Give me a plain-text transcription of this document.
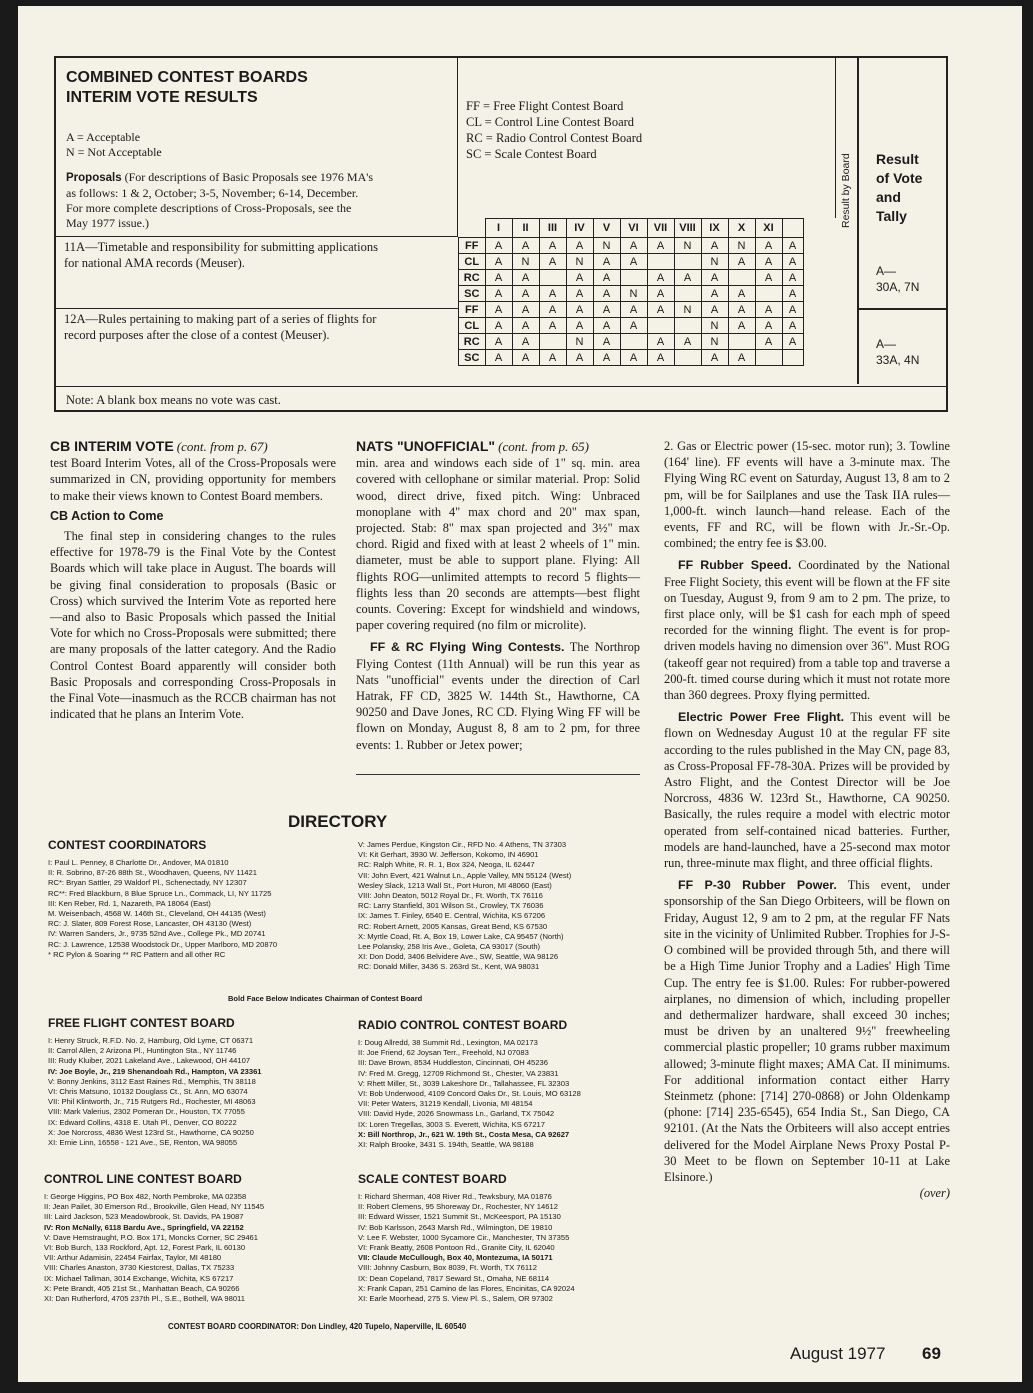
COMBINED CONTEST BOARDS
INTERIM VOTE RESULTS
A = Acceptable
N = Not Acceptable
Proposals (For descriptions of Basic Proposals see 1976 MA's
as follows: 1 & 2, October; 3-5, November; 6-14, December.
For more complete descriptions of Cross-Proposals, see the
May 1977 issue.)
FF = Free Flight Contest Board
CL = Control Line Contest Board
RC = Radio Control Contest Board
SC = Scale Contest Board	Result by Board Result
of Vote
and
Tally
	I	II	III	IV	V	VI	VII	VIII	IX	X	XI	
FF	A	A	A	A	N	A	A	N	A	N	A	A
CL	A	N	A	N	A	A			N	A	A	A
RC	A	A		A	A		A	A	A		A	A
SC	A	A	A	A	A	N	A		A	A		A
FF	A	A	A	A	A	A	A	N	A	A	A	A
CL	A	A	A	A	A	A			N	A	A	A
RC	A	A		N	A		A	A	N		A	A
SC	A	A	A	A	A	A	A		A	A		
11A—Timetable and responsibility for submitting applications
for national AMA records (Meuser).
12A—Rules pertaining to making part of a series of flights for
record purposes after the close of a contest (Meuser).
A—
30A, 7N
A—
33A, 4N
Note: A blank box means no vote was cast.
CB INTERIM VOTE (cont. from p. 67)

test Board Interim Votes, all of the Cross-Proposals were summarized in CN, providing opportunity for members to make their views known to Contest Board members.

CB Action to Come

The final step in considering changes to the rules effective for 1978-79 is the Final Vote by the Contest Boards which will take place in August. The boards will be giving final consideration to proposals (Basic or Cross) which survived the Interim Vote as reported here—and also to Basic Proposals which passed the Initial Vote for which no Cross-Proposals were submitted; there are many proposals of the latter category. And the Radio Control Contest Board apparently will consider both Basic Proposals and corresponding Cross-Proposals in the Final Vote—inasmuch as the RCCB chairman has not indicated that he plans an Interim Vote.

NATS "UNOFFICIAL" (cont. from p. 65)

min. area and windows each side of 1" sq. min. area covered with cellophane or similar material. Prop: Solid wood, direct drive, fixed pitch. Wing: Unbraced monoplane with 4" max chord and 20" max span, projected. Stab: 8" max span projected and 3½" max chord. Rigid and fixed with at least 2 wheels of 1" min. diameter, must be able to support plane. Flying: All flights ROG—unlimited attempts to record 5 flights—flights less than 20 seconds are attempts—best flight counts. Covering: Except for windshield and windows, paper covering required (no film or microlite).

FF & RC Flying Wing Contests. The Northrop Flying Contest (11th Annual) will be run this year as Nats "unofficial" events under the direction of Carl Hatrak, FF CD, 3825 W. 144th St., Hawthorne, CA 90250 and Dave Jones, RC CD. Flying Wing FF will be flown on Monday, August 8, 8 am to 2 pm, for three events: 1. Rubber or Jetex power;

2. Gas or Electric power (15-sec. motor run); 3. Towline (164' line). FF events will have a 3-minute max. The Flying Wing RC event on Saturday, August 13, 8 am to 2 pm, will be for Sailplanes and use the Task IIA rules—1,000-ft. winch launch—hand release. Each of the events, FF and RC, will be flown with Jr.-Sr.-Op. combined; the entry fee is $3.00.

FF Rubber Speed. Coordinated by the National Free Flight Society, this event will be flown at the FF site on Tuesday, August 9, from 9 am to 2 pm. The prize, to first place only, will be $1 cash for each mph of speed recorded for the winning flight. The event is for prop-driven models having no dimension over 36". Must ROG (takeoff gear not required) from a table top and traverse a 200-ft. timed course during which it must not rotate more than 360 degrees. Proxy flying permitted.

Electric Power Free Flight. This event will be flown on Wednesday August 10 at the regular FF site according to the rules published in the May CN, page 83, as Cross-Proposal FF-78-30A. Prizes will be provided by Astro Flight, and the Contest Director will be Joe Norcross, 4836 W. 123rd St., Hawthorne, CA 90250. Basically, the rules require a model with electric motor operated from self-contained nicad batteries. Further, models are hand-launched, have a 25-second max motor run, three-minute max flight, and three official flights.

FF P-30 Rubber Power. This event, under sponsorship of the San Diego Orbiteers, will be flown on Friday, August 12, 9 am to 2 pm, at the regular FF Nats site in the vicinity of Unlimited Rubber. Trophies for J-S-O combined will be provided through 5th, and there will be a High Time Junior Trophy and a Ladies' High Time Cup. The entry fee is $1.00. Rules: For rubber-powered airplanes, no dimension of which, including propeller and dethermalizer hardware, shall exceed 30 inches; must be driven by an unaltered 9½" freewheeling commercial plastic propeller; 10 grams rubber maximum allowed; 3-minute flight maxes; AMA Cat. II minimums. For additional information contact either Harry Steinmetz (phone: [714] 270-0868) or John Oldenkamp (phone: [714] 235-6545), 654 India St., San Diego, CA 92101. (At the Nats the Orbiteers will also accept entries delivered for the Model Airplane News Proxy Postal P-30 Meet to be flown on September 10-11 at Lake Elsinore.)

(over)
DIRECTORY
CONTEST COORDINATORS
I: Paul L. Penney, 8 Charlotte Dr., Andover, MA 01810
II: R. Sobrino, 87-26 88th St., Woodhaven, Queens, NY 11421
RC*: Bryan Sattler, 29 Waldorf Pl., Schenectady, NY 12307
RC**: Fred Blackburn, 8 Blue Spruce Ln., Commack, LI, NY 11725
III: Ken Reber, Rd. 1, Nazareth, PA 18064 (East)
M. Weisenbach, 4568 W. 146th St., Cleveland, OH 44135 (West)
RC: J. Slater, 809 Forest Rose, Lancaster, OH 43130 (West)
IV: Warren Sanders, Jr., 9735 52nd Ave., College Pk., MD 20741
RC: J. Lawrence, 12538 Woodstock Dr., Upper Marlboro, MD 20870
* RC Pylon & Soaring ** RC Pattern and all other RC
V: James Perdue, Kingston Cir., RFD No. 4 Athens, TN 37303
VI: Kit Gerhart, 3930 W. Jefferson, Kokomo, IN 46901
RC: Ralph White, R. R. 1, Box 324, Neoga, IL 62447
VII: John Evert, 421 Walnut Ln., Apple Valley, MN 55124 (West)
Wesley Slack, 1213 Wall St., Port Huron, MI 48060 (East)
VIII: John Deaton, 5012 Royal Dr., Ft. Worth, TX 76116
RC: Larry Stanfield, 301 Wilson St., Crowley, TX 76036
IX: James T. Finley, 6540 E. Central, Wichita, KS 67206
RC: Robert Arnett, 2005 Kansas, Great Bend, KS 67530
X: Myrtle Coad, Rt. A, Box 19, Lower Lake, CA 95457 (North)
Lee Polansky, 258 Iris Ave., Goleta, CA 93017 (South)
XI: Don Dodd, 3406 Belvidere Ave., SW, Seattle, WA 98126
RC: Donald Miller, 3436 S. 263rd St., Kent, WA 98031
Bold Face Below Indicates Chairman of Contest Board
FREE FLIGHT CONTEST BOARD
I: Henry Struck, R.F.D. No. 2, Hamburg, Old Lyme, CT 06371
II: Carrol Allen, 2 Arizona Pl., Huntington Sta., NY 11746
III: Rudy Kluiber, 2021 Lakeland Ave., Lakewood, OH 44107
IV: Joe Boyle, Jr., 219 Shenandoah Rd., Hampton, VA 23361
V: Bonny Jenkins, 3112 East Raines Rd., Memphis, TN 38118
VI: Chris Matsuno, 10132 Douglass Ct., St. Ann, MO 63074
VII: Phil Klintworth, Jr., 715 Rutgers Rd., Rochester, MI 48063
VIII: Mark Valerius, 2302 Pomeran Dr., Houston, TX 77055
IX: Edward Collins, 4318 E. Utah Pl., Denver, CO 80222
X: Joe Norcross, 4836 West 123rd St., Hawthorne, CA 90250
XI: Ernie Linn, 16558 - 121 Ave., SE, Renton, WA 98055
RADIO CONTROL CONTEST BOARD
I: Doug Allredd, 38 Summit Rd., Lexington, MA 02173
II: Joe Friend, 62 Joysan Terr., Freehold, NJ 07083
III: Dave Brown, 8534 Huddleston, Cincinnati, OH 45236
IV: Fred M. Gregg, 12709 Richmond St., Chester, VA 23831
V: Rhett Miller, St., 3039 Lakeshore Dr., Tallahassee, FL 32303
VI: Bob Underwood, 4109 Concord Oaks Dr., St. Louis, MO 63128
VII: Peter Waters, 31219 Kendall, Livonia, MI 48154
VIII: David Hyde, 2026 Snowmass Ln., Garland, TX 75042
IX: Loren Tregellas, 3003 S. Everett, Wichita, KS 67217
X: Bill Northrop, Jr., 621 W. 19th St., Costa Mesa, CA 92627
XI: Ralph Brooke, 3431 S. 194th, Seattle, WA 98188
CONTROL LINE CONTEST BOARD
I: George Higgins, PO Box 482, North Pembroke, MA 02358
II: Jean Pailet, 30 Emerson Rd., Brookville, Glen Head, NY 11545
III: Laird Jackson, 523 Meadowbrook, St. Davids, PA 19087
IV: Ron McNally, 6118 Bardu Ave., Springfield, VA 22152
V: Dave Hemstraught, P.O. Box 171, Moncks Corner, SC 29461
VI: Bob Burch, 133 Rockford, Apt. 12, Forest Park, IL 60130
VII: Arthur Adamisin, 22454 Fairfax, Taylor, MI 48180
VIII: Charles Anaston, 3730 Kiestcrest, Dallas, TX 75233
IX: Michael Tallman, 3014 Exchange, Wichita, KS 67217
X: Pete Brandt, 405 21st St., Manhattan Beach, CA 90266
XI: Dan Rutherford, 4705 237th Pl., S.E., Bothell, WA 98011
SCALE CONTEST BOARD
I: Richard Sherman, 408 River Rd., Tewksbury, MA 01876
II: Robert Clemens, 95 Shoreway Dr., Rochester, NY 14612
III: Edward Wisser, 1521 Summit St., McKeesport, PA 15130
IV: Bob Karlsson, 2643 Marsh Rd., Wilmington, DE 19810
V: Lee F. Webster, 1000 Sycamore Cir., Manchester, TN 37355
VI: Frank Beatty, 2608 Pontoon Rd., Granite City, IL 62040
VII: Claude McCullough, Box 40, Montezuma, IA 50171
VIII: Johnny Casburn, Box 8039, Ft. Worth, TX 76112
IX: Dean Copeland, 7817 Seward St., Omaha, NE 68114
X: Frank Capan, 251 Camino de las Flores, Encinitas, CA 92024
XI: Earle Moorhead, 275 S. View Pl. S., Salem, OR 97302
CONTEST BOARD COORDINATOR: Don Lindley, 420 Tupelo, Naperville, IL 60540
August 1977 69
